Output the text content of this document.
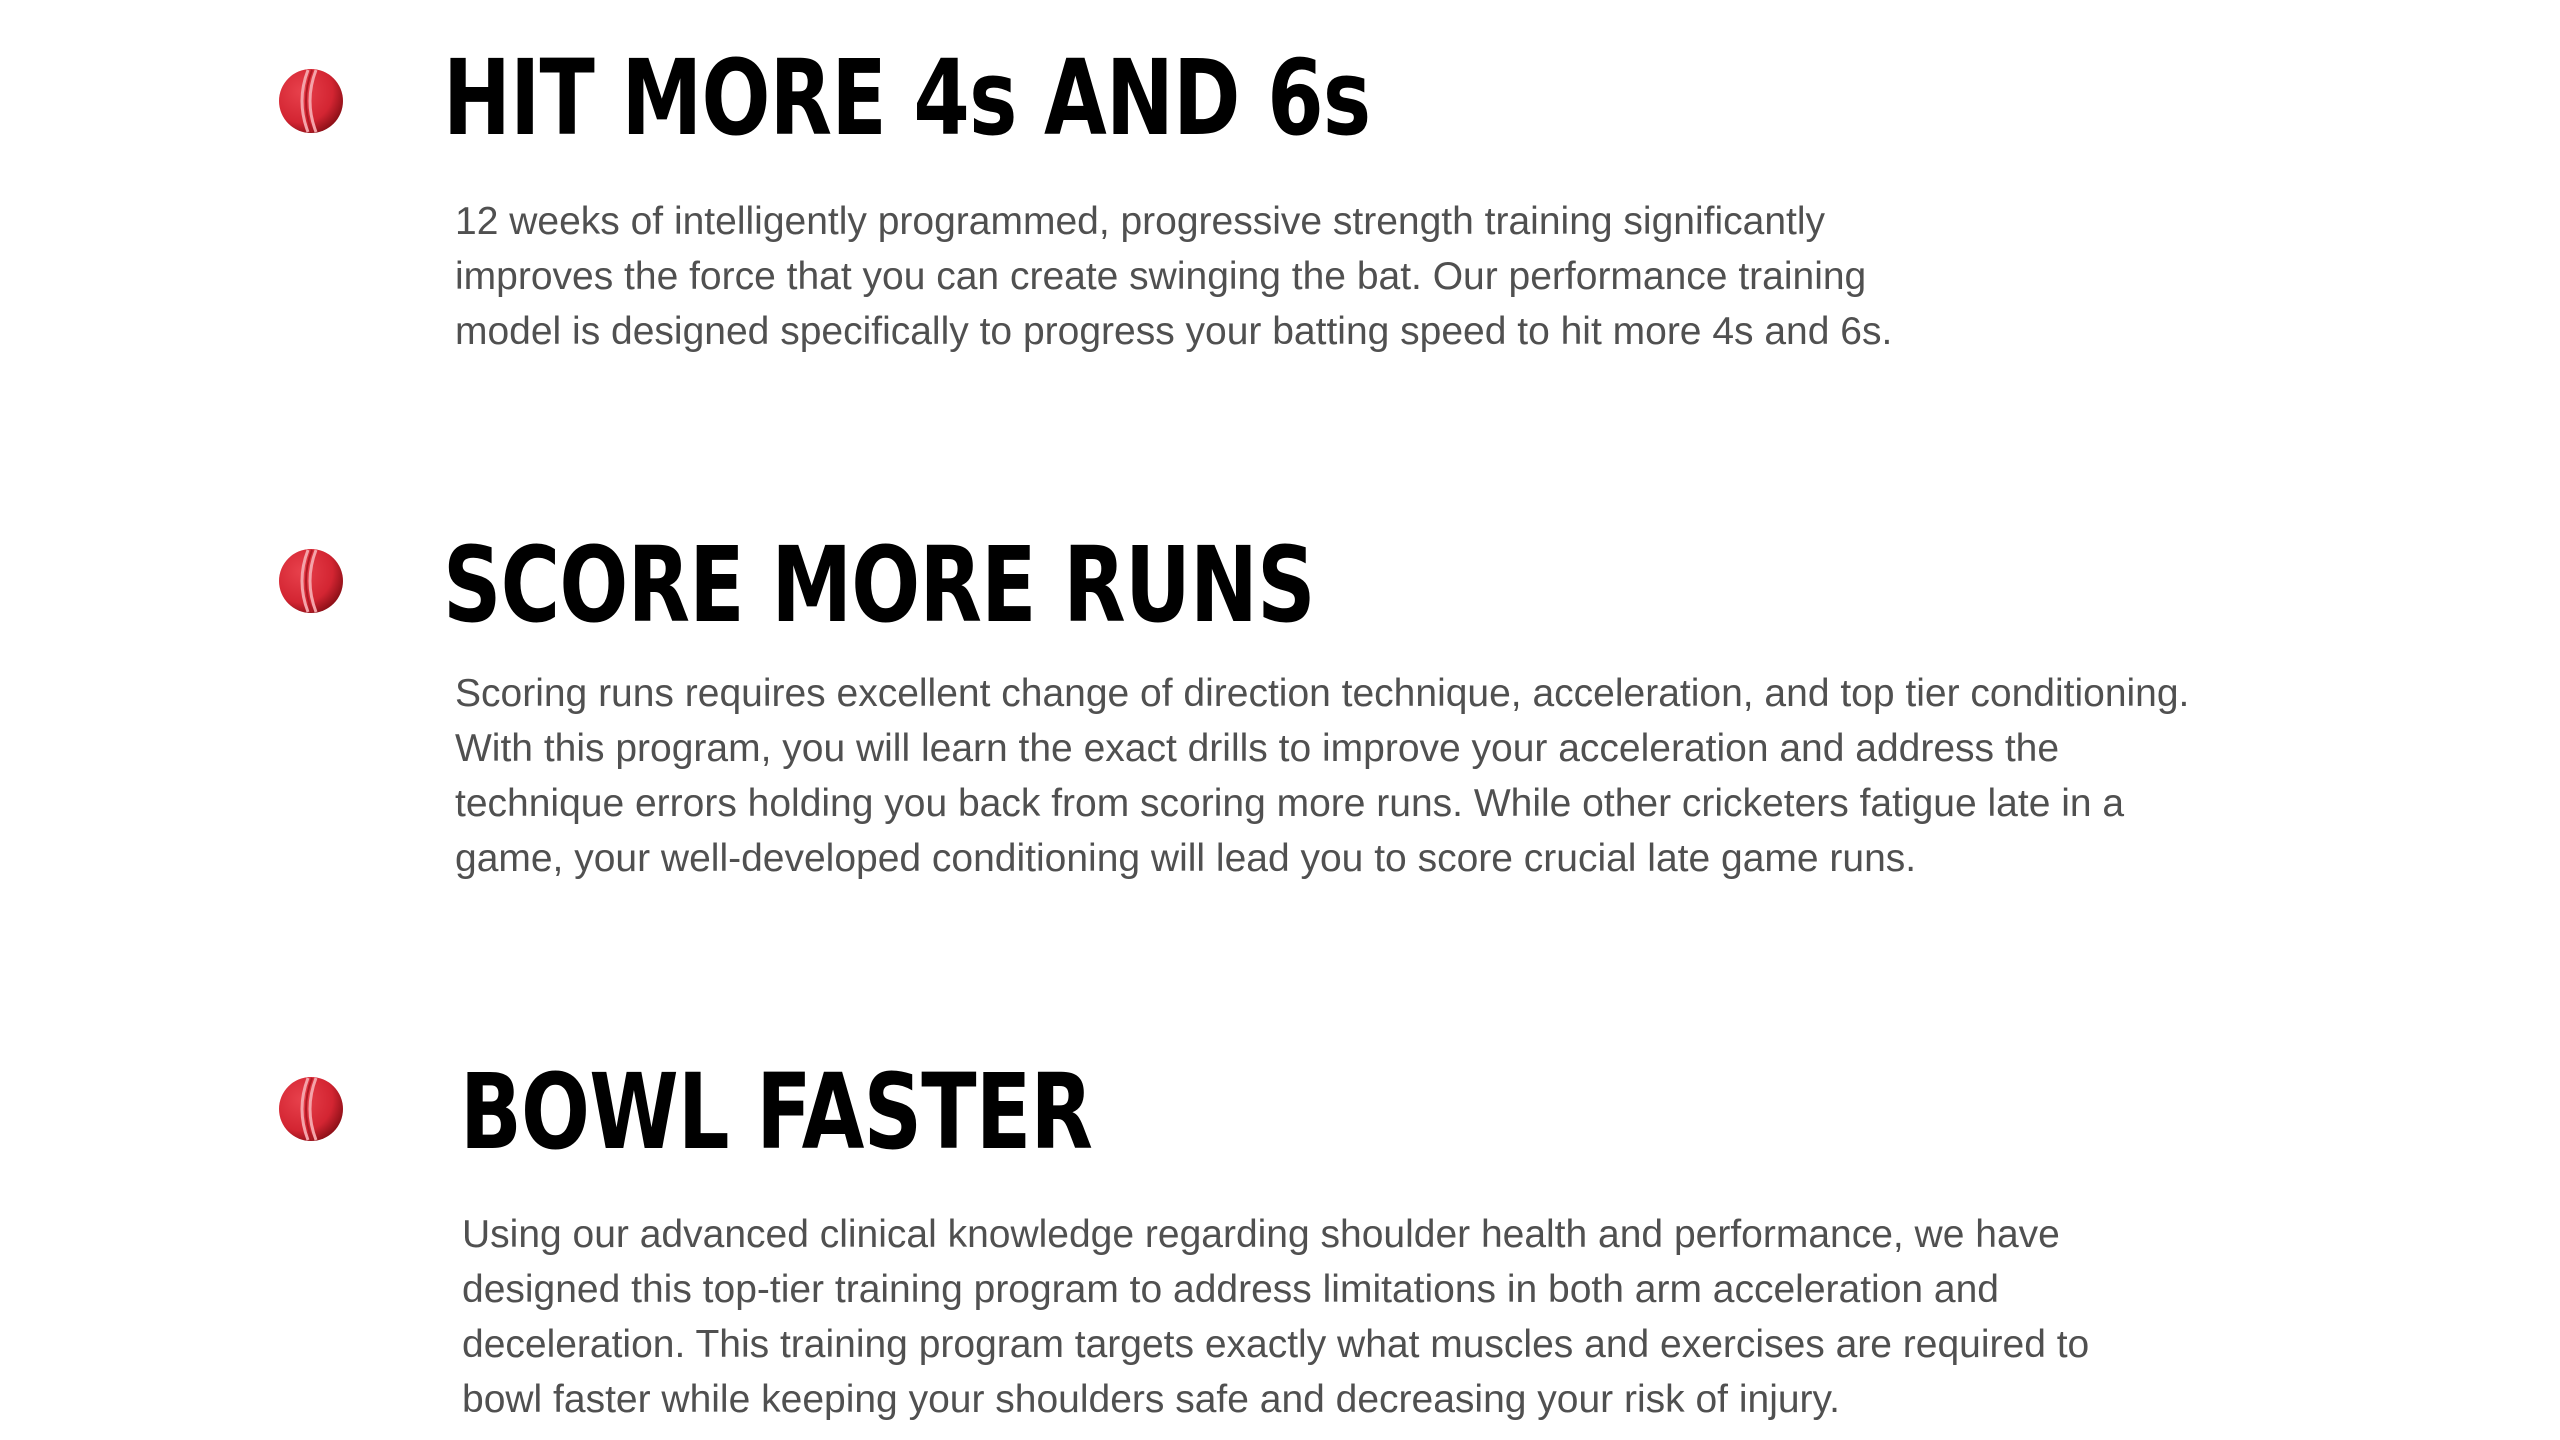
HIT MORE 4s AND 6s

12 weeks of intelligently programmed, progressive strength training significantly
improves the force that you can create swinging the bat. Our performance training
model is designed specifically to progress your batting speed to hit more 4s and 6s.

SCORE MORE RUNS

Scoring runs requires excellent change of direction technique, acceleration, and top tier conditioning.
With this program, you will learn the exact drills to improve your acceleration and address the
technique errors holding you back from scoring more runs. While other cricketers fatigue late in a
game, your well-developed conditioning will lead you to score crucial late game runs.

BOWL FASTER

Using our advanced clinical knowledge regarding shoulder health and performance, we have
designed this top-tier training program to address limitations in both arm acceleration and
deceleration. This training program targets exactly what muscles and exercises are required to
bowl faster while keeping your shoulders safe and decreasing your risk of injury.
